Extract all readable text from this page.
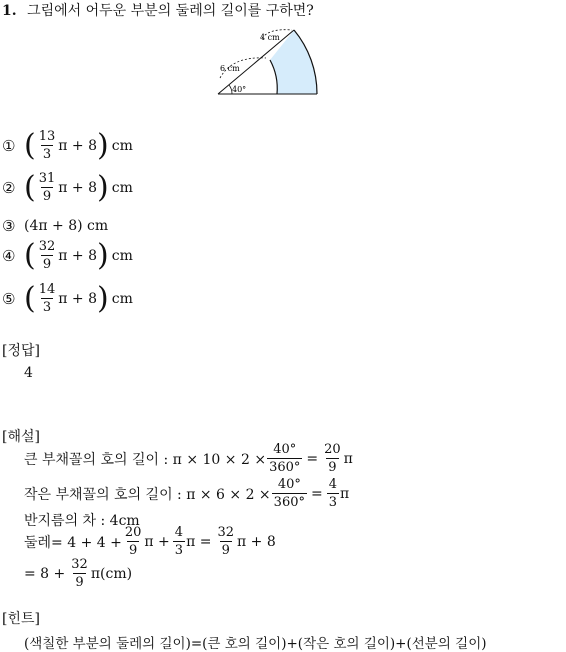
1. 그림에서 어두운 부분의 둘레의 길이를 구하면?
6 cm
4 cm
40°
① ( $\frac{13}{3}$ π + 8 ) cm
② ( $\frac{31}{9}$ π + 8 ) cm
③ (4π + 8) cm
④ ( $\frac{32}{9}$ π + 8 ) cm
⑤ ( $\frac{14}{3}$ π + 8 ) cm
[정답]
4
[해설]
큰 부채꼴의 호의 길이 : $\pi \times 10 \times 2 \times \frac{40^\circ}{360^\circ} = \frac{20}{9}$ π
작은 부채꼴의 호의 길이 : $\pi \times 6 \times 2 \times \frac{40^\circ}{360^\circ} = \frac{4}{3}$ π
반지름의 차 : 4cm
둘레= $4 + 4 + \frac{20}{9}$ $\pi + \frac{4}{3}$ $\pi = \frac{32}{9}$ π + 8
= $8 + \frac{32}{9} \pi(cm)$
[힌트]
(색칠한 부분의 둘레의 길이)=(큰 호의 길이)+(작은 호의 길이)+(선분의 길이)
